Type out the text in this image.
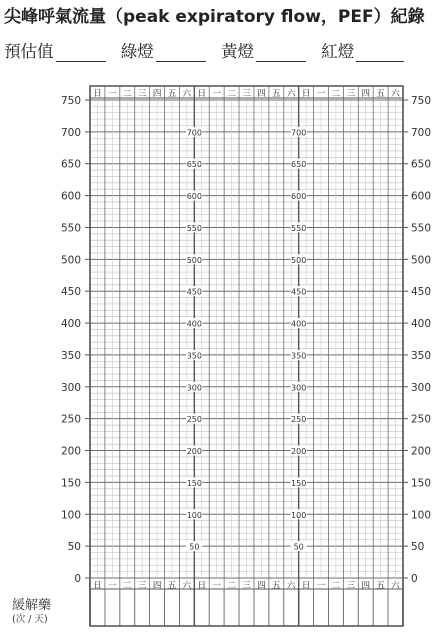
尖峰呼氣流量（peak expiratory flow，PEF）紀錄
預估值	綠燈	黃燈	紅燈
日
日
一
一
二
二
三
三
四
四
五
五
六
六
日
日
一
一
二
二
三
三
四
四
五
五
六
六
日
日
一
一
二
二
三
三
四
四
五
五
六
六
750	750
700	700
650	650
600	600
550	550
500	500
450	450
400	400
350	350
300	300
250	250
200	200
150	150
100	100
50	50
0	0
700
650
600
550
500
450
400
350
300
250
200
150
100
50
700
650
600
550
500
450
400
350
300
250
200
150
100
50
緩解藥
(次 / 天)
